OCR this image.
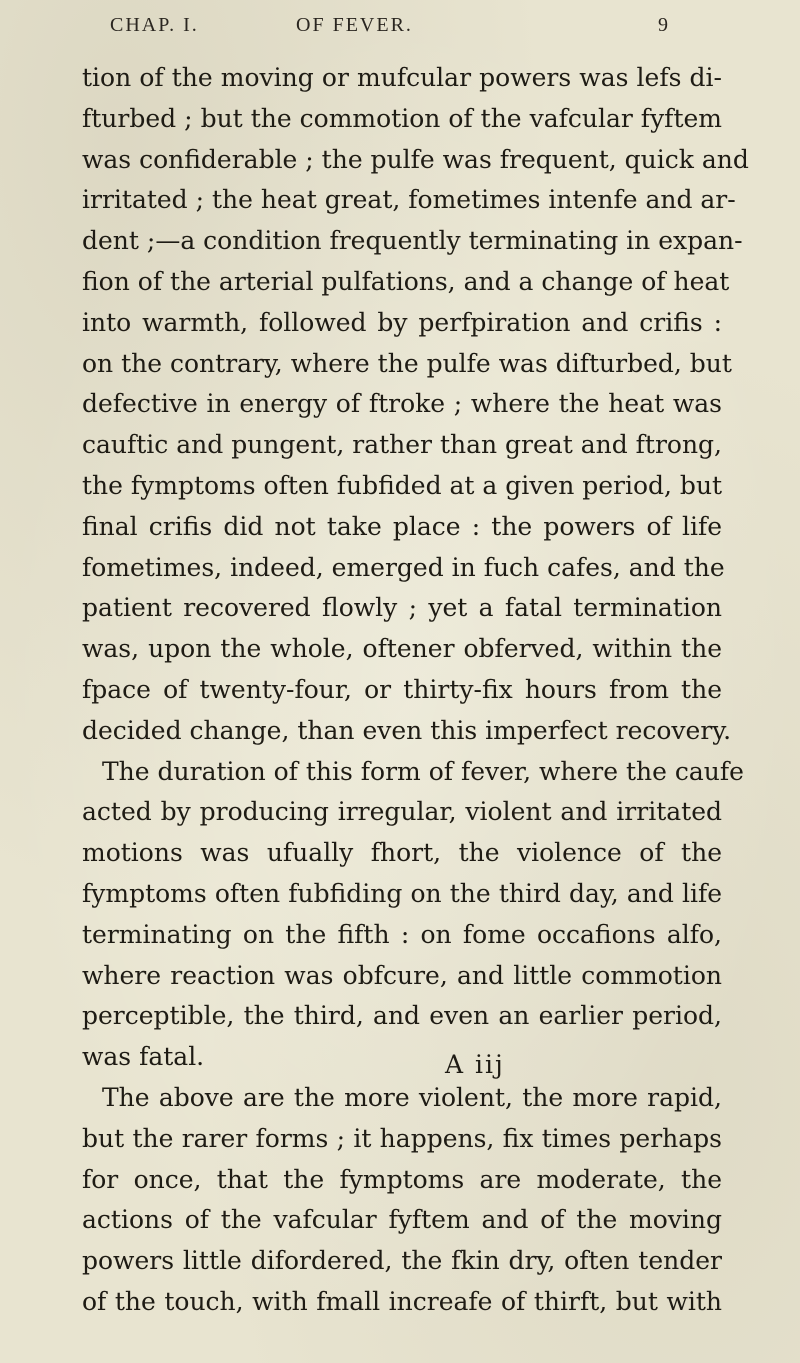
CHAP. I.	OF FEVER.	9
tion of the moving or mufcular powers was lefs di-
fturbed ; but the commotion of the vafcular fyftem
was confiderable ; the pulfe was frequent, quick and
irritated ; the heat great, fometimes intenfe and ar-
dent ;—a condition frequently terminating in expan-
fion of the arterial pulfations, and a change of heat
into warmth, followed by perfpiration and crifis :
on the contrary, where the pulfe was difturbed, but
defective in energy of ftroke ; where the heat was
cauftic and pungent, rather than great and ftrong,
the fymptoms often fubfided at a given period, but
final crifis did not take place : the powers of life
fometimes, indeed, emerged in fuch cafes, and the
patient recovered flowly ; yet a fatal termination
was, upon the whole, oftener obferved, within the
fpace of twenty-four, or thirty-fix hours from the
decided change, than even this imperfect recovery.
The duration of this form of fever, where the caufe
acted by producing irregular, violent and irritated
motions was ufually fhort, the violence of the
fymptoms often fubfiding on the third day, and life
terminating on the fifth : on fome occafions alfo,
where reaction was obfcure, and little commotion
perceptible, the third, and even an earlier period,
was fatal.
The above are the more violent, the more rapid,
but the rarer forms ; it happens, fix times perhaps
for once, that the fymptoms are moderate, the
actions of the vafcular fyftem and of the moving
powers little difordered, the fkin dry, often tender
of the touch, with fmall increafe of thirft, but with
A iij
